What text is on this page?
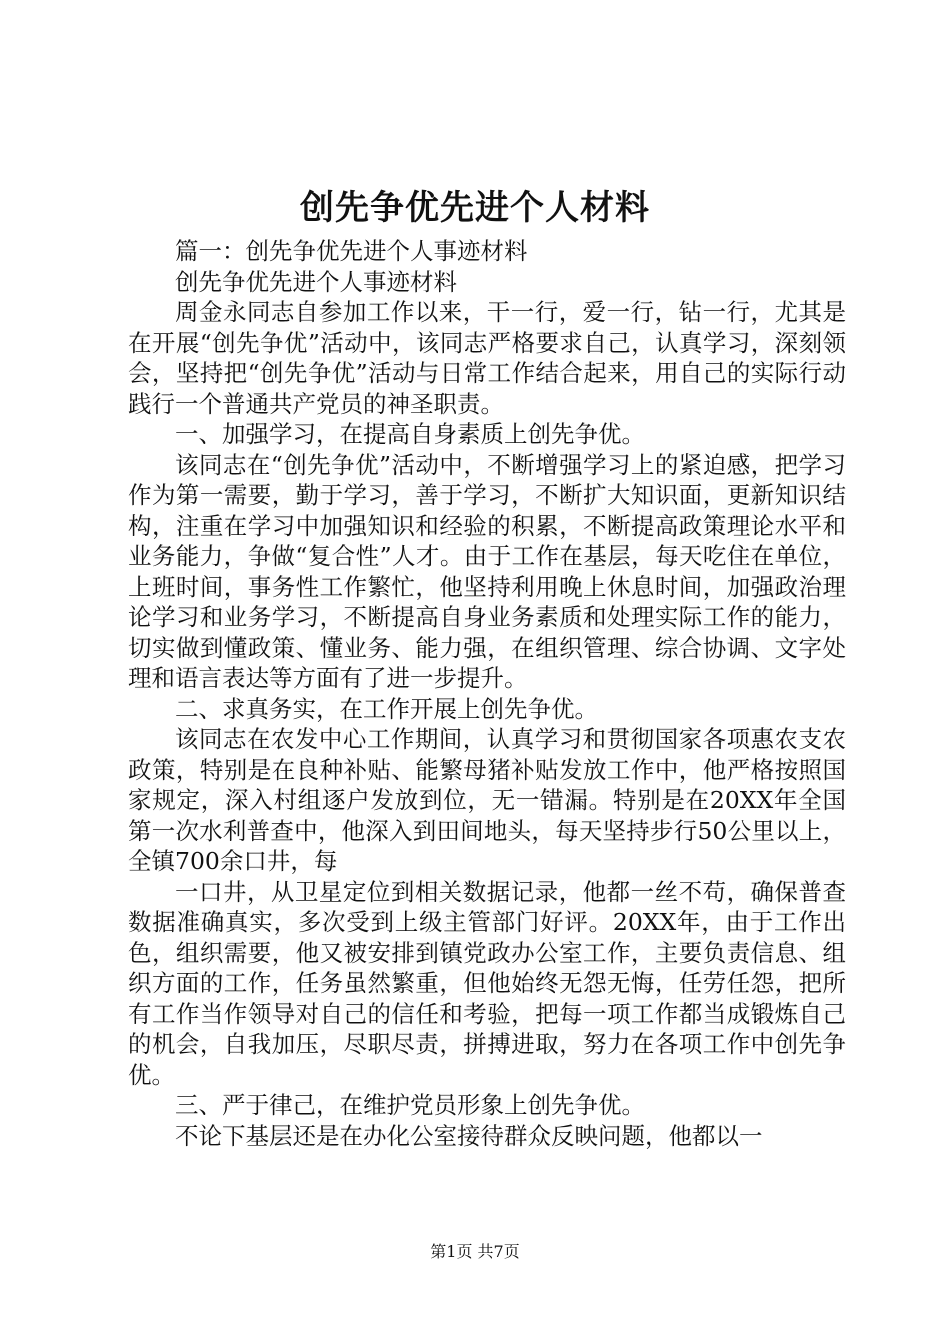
创先争优先进个人材料

篇一：创先争优先进个人事迹材料

创先争优先进个人事迹材料

周金永同志自参加工作以来，干一行，爱一行，钻一行，尤其是在开展“创先争优”活动中，该同志严格要求自己，认真学习，深刻领会，坚持把“创先争优”活动与日常工作结合起来，用自己的实际行动践行一个普通共产党员的神圣职责。

一、加强学习，在提高自身素质上创先争优。

该同志在“创先争优”活动中，不断增强学习上的紧迫感，把学习作为第一需要，勤于学习，善于学习，不断扩大知识面，更新知识结构，注重在学习中加强知识和经验的积累，不断提高政策理论水平和业务能力，争做“复合性”人才。由于工作在基层，每天吃住在单位，上班时间，事务性工作繁忙，他坚持利用晚上休息时间，加强政治理论学习和业务学习，不断提高自身业务素质和处理实际工作的能力，切实做到懂政策、懂业务、能力强，在组织管理、综合协调、文字处理和语言表达等方面有了进一步提升。

二、求真务实，在工作开展上创先争优。

该同志在农发中心工作期间，认真学习和贯彻国家各项惠农支农政策，特别是在良种补贴、能繁母猪补贴发放工作中，他严格按照国家规定，深入村组逐户发放到位，无一错漏。特别是在20XX年全国第一次水利普查中，他深入到田间地头，每天坚持步行50公里以上，全镇700余口井，每

一口井，从卫星定位到相关数据记录，他都一丝不苟，确保普查数据准确真实，多次受到上级主管部门好评。20XX年，由于工作出色，组织需要，他又被安排到镇党政办公室工作，主要负责信息、组织方面的工作，任务虽然繁重，但他始终无怨无悔，任劳任怨，把所有工作当作领导对自己的信任和考验，把每一项工作都当成锻炼自己的机会，自我加压，尽职尽责，拼搏进取，努力在各项工作中创先争优。

三、严于律己，在维护党员形象上创先争优。

不论下基层还是在办化公室接待群众反映问题，他都以一

第1页 共7页
